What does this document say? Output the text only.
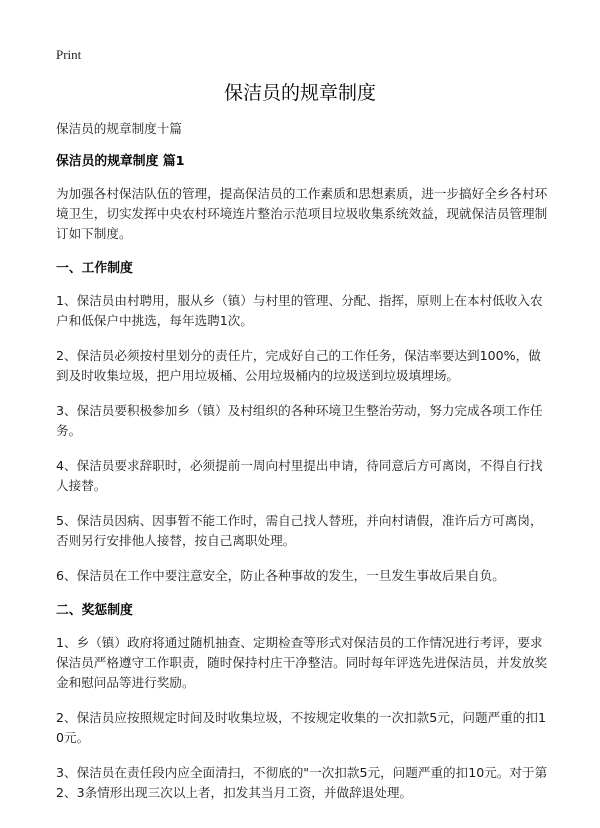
Print
保洁员的规章制度

保洁员的规章制度十篇

保洁员的规章制度 篇1

为加强各村保洁队伍的管理，提高保洁员的工作素质和思想素质，进一步搞好全乡各村环境卫生，切实发挥中央农村环境连片整治示范项目垃圾收集系统效益，现就保洁员管理制订如下制度。

一、工作制度

1、保洁员由村聘用，服从乡（镇）与村里的管理、分配、指挥，原则上在本村低收入农户和低保户中挑选，每年选聘1次。

2、保洁员必须按村里划分的责任片，完成好自己的工作任务，保洁率要达到100%，做到及时收集垃圾，把户用垃圾桶、公用垃圾桶内的垃圾送到垃圾填埋场。

3、保洁员要积极参加乡（镇）及村组织的各种环境卫生整治劳动，努力完成各项工作任务。

4、保洁员要求辞职时，必须提前一周向村里提出申请，待同意后方可离岗，不得自行找人接替。

5、保洁员因病、因事暂不能工作时，需自己找人替班，并向村请假，准许后方可离岗，否则另行安排他人接替，按自己离职处理。

6、保洁员在工作中要注意安全，防止各种事故的发生，一旦发生事故后果自负。

二、奖惩制度

1、乡（镇）政府将通过随机抽查、定期检查等形式对保洁员的工作情况进行考评，要求保洁员严格遵守工作职责，随时保持村庄干净整洁。同时每年评选先进保洁员，并发放奖金和慰问品等进行奖励。

2、保洁员应按照规定时间及时收集垃圾，不按规定收集的一次扣款5元，问题严重的扣10元。

3、保洁员在责任段内应全面清扫，不彻底的"一次扣款5元，问题严重的扣10元。对于第2、3条情形出现三次以上者，扣发其当月工资，并做辞退处理。
